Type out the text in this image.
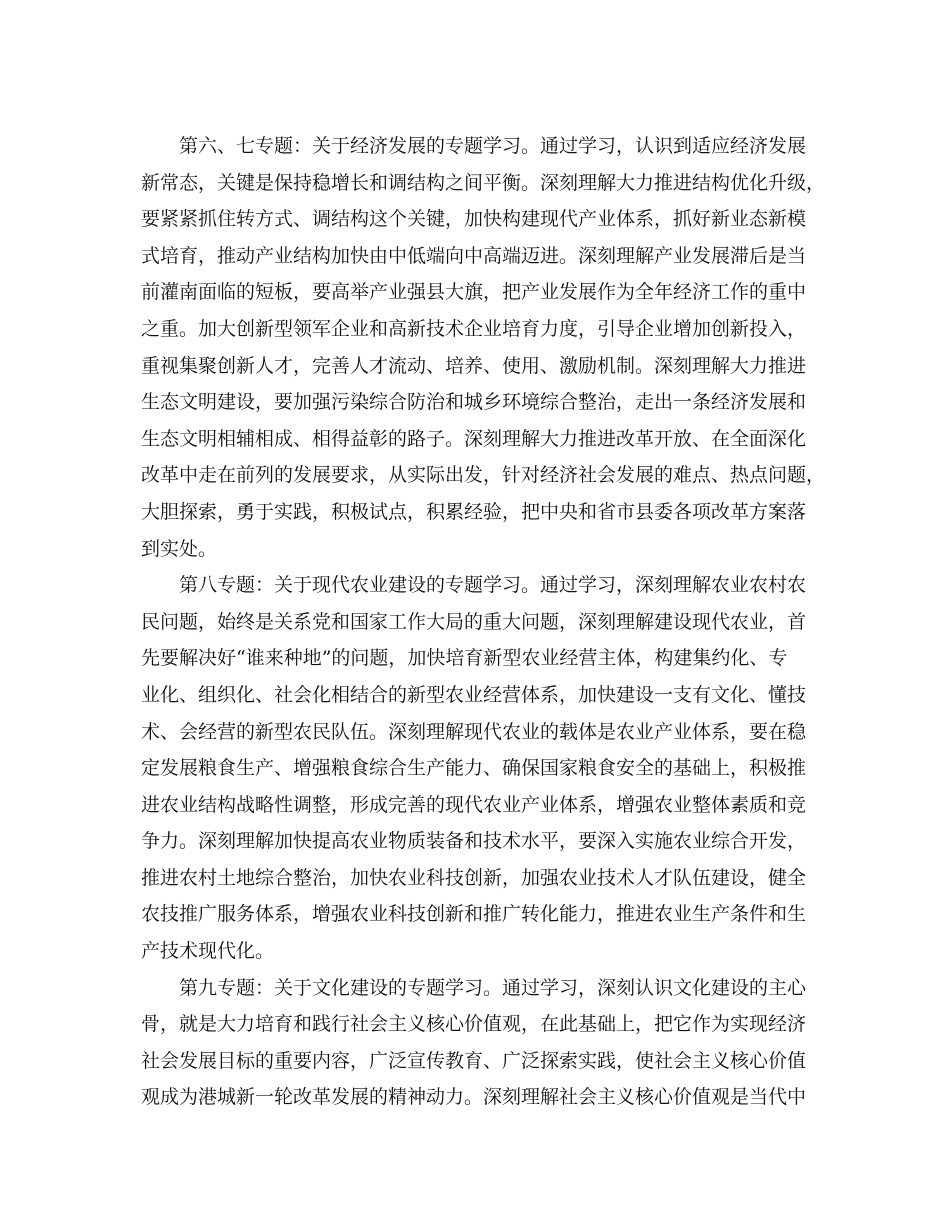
第六、七专题：关于经济发展的专题学习。通过学习，认识到适应经济发展
新常态，关键是保持稳增长和调结构之间平衡。深刻理解大力推进结构优化升级，
要紧紧抓住转方式、调结构这个关键，加快构建现代产业体系，抓好新业态新模
式培育，推动产业结构加快由中低端向中高端迈进。深刻理解产业发展滞后是当
前灌南面临的短板，要高举产业强县大旗，把产业发展作为全年经济工作的重中
之重。加大创新型领军企业和高新技术企业培育力度，引导企业增加创新投入，
重视集聚创新人才，完善人才流动、培养、使用、激励机制。深刻理解大力推进
生态文明建设，要加强污染综合防治和城乡环境综合整治，走出一条经济发展和
生态文明相辅相成、相得益彰的路子。深刻理解大力推进改革开放、在全面深化
改革中走在前列的发展要求，从实际出发，针对经济社会发展的难点、热点问题，
大胆探索，勇于实践，积极试点，积累经验，把中央和省市县委各项改革方案落
到实处。
第八专题：关于现代农业建设的专题学习。通过学习，深刻理解农业农村农
民问题，始终是关系党和国家工作大局的重大问题，深刻理解建设现代农业，首
先要解决好“谁来种地”的问题，加快培育新型农业经营主体，构建集约化、专
业化、组织化、社会化相结合的新型农业经营体系，加快建设一支有文化、懂技
术、会经营的新型农民队伍。深刻理解现代农业的载体是农业产业体系，要在稳
定发展粮食生产、增强粮食综合生产能力、确保国家粮食安全的基础上，积极推
进农业结构战略性调整，形成完善的现代农业产业体系，增强农业整体素质和竞
争力。深刻理解加快提高农业物质装备和技术水平，要深入实施农业综合开发，
推进农村土地综合整治，加快农业科技创新，加强农业技术人才队伍建设，健全
农技推广服务体系，增强农业科技创新和推广转化能力，推进农业生产条件和生
产技术现代化。
第九专题：关于文化建设的专题学习。通过学习，深刻认识文化建设的主心
骨，就是大力培育和践行社会主义核心价值观，在此基础上，把它作为实现经济
社会发展目标的重要内容，广泛宣传教育、广泛探索实践，使社会主义核心价值
观成为港城新一轮改革发展的精神动力。深刻理解社会主义核心价值观是当代中
